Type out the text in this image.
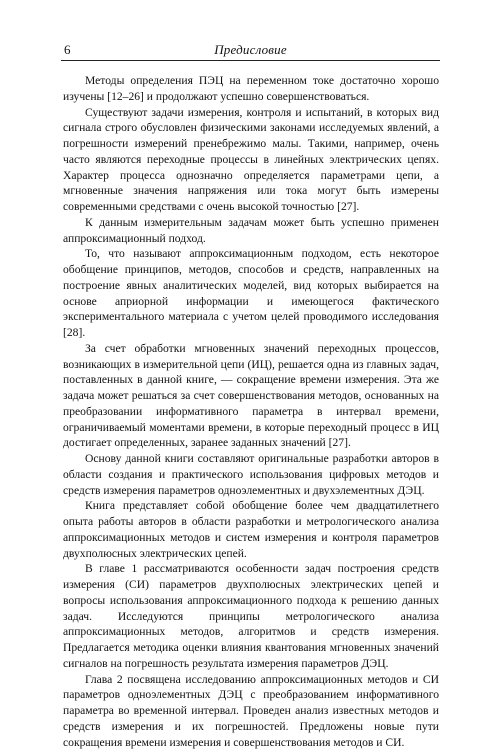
6	Предисловие

Методы определения ПЭЦ на переменном токе достаточно хорошо изучены [12–26] и продолжают успешно совершенствоваться.

Существуют задачи измерения, контроля и испытаний, в которых вид сигнала строго обусловлен физическими законами исследуемых явлений, а погрешности измерений пренебрежимо малы. Такими, например, очень часто являются переходные процессы в линейных электрических цепях. Характер процесса однозначно определяется параметрами цепи, а мгновенные значения напряжения или тока могут быть измерены современными средствами с очень высокой точностью [27].

К данным измерительным задачам может быть успешно применен аппроксимационный подход.

То, что называют аппроксимационным подходом, есть некоторое обобщение принципов, методов, способов и средств, направленных на построение явных аналитических моделей, вид которых выбирается на основе априорной информации и имеющегося фактического экспериментального материала с учетом целей проводимого исследования [28].

За счет обработки мгновенных значений переходных процессов, возникающих в измерительной цепи (ИЦ), решается одна из главных задач, поставленных в данной книге, — сокращение времени измерения. Эта же задача может решаться за счет совершенствования методов, основанных на преобразовании информативного параметра в интервал времени, ограничиваемый моментами времени, в которые переходный процесс в ИЦ достигает определенных, заранее заданных значений [27].

Основу данной книги составляют оригинальные разработки авторов в области создания и практического использования цифровых методов и средств измерения параметров одноэлементных и двухэлементных ДЭЦ.

Книга представляет собой обобщение более чем двадцатилетнего опыта работы авторов в области разработки и метрологического анализа аппроксимационных методов и систем измерения и контроля параметров двухполюсных электрических цепей.

В главе 1 рассматриваются особенности задач построения средств измерения (СИ) параметров двухполюсных электрических цепей и вопросы использования аппроксимационного подхода к решению данных задач. Исследуются принципы метрологического анализа аппроксимационных методов, алгоритмов и средств измерения. Предлагается методика оценки влияния квантования мгновенных значений сигналов на погрешность результата измерения параметров ДЭЦ.

Глава 2 посвящена исследованию аппроксимационных методов и СИ параметров одноэлементных ДЭЦ с преобразованием информативного параметра во временной интервал. Проведен анализ известных методов и средств измерения и их погрешностей. Предложены новые пути сокращения времени измерения и совершенствования методов и СИ.
